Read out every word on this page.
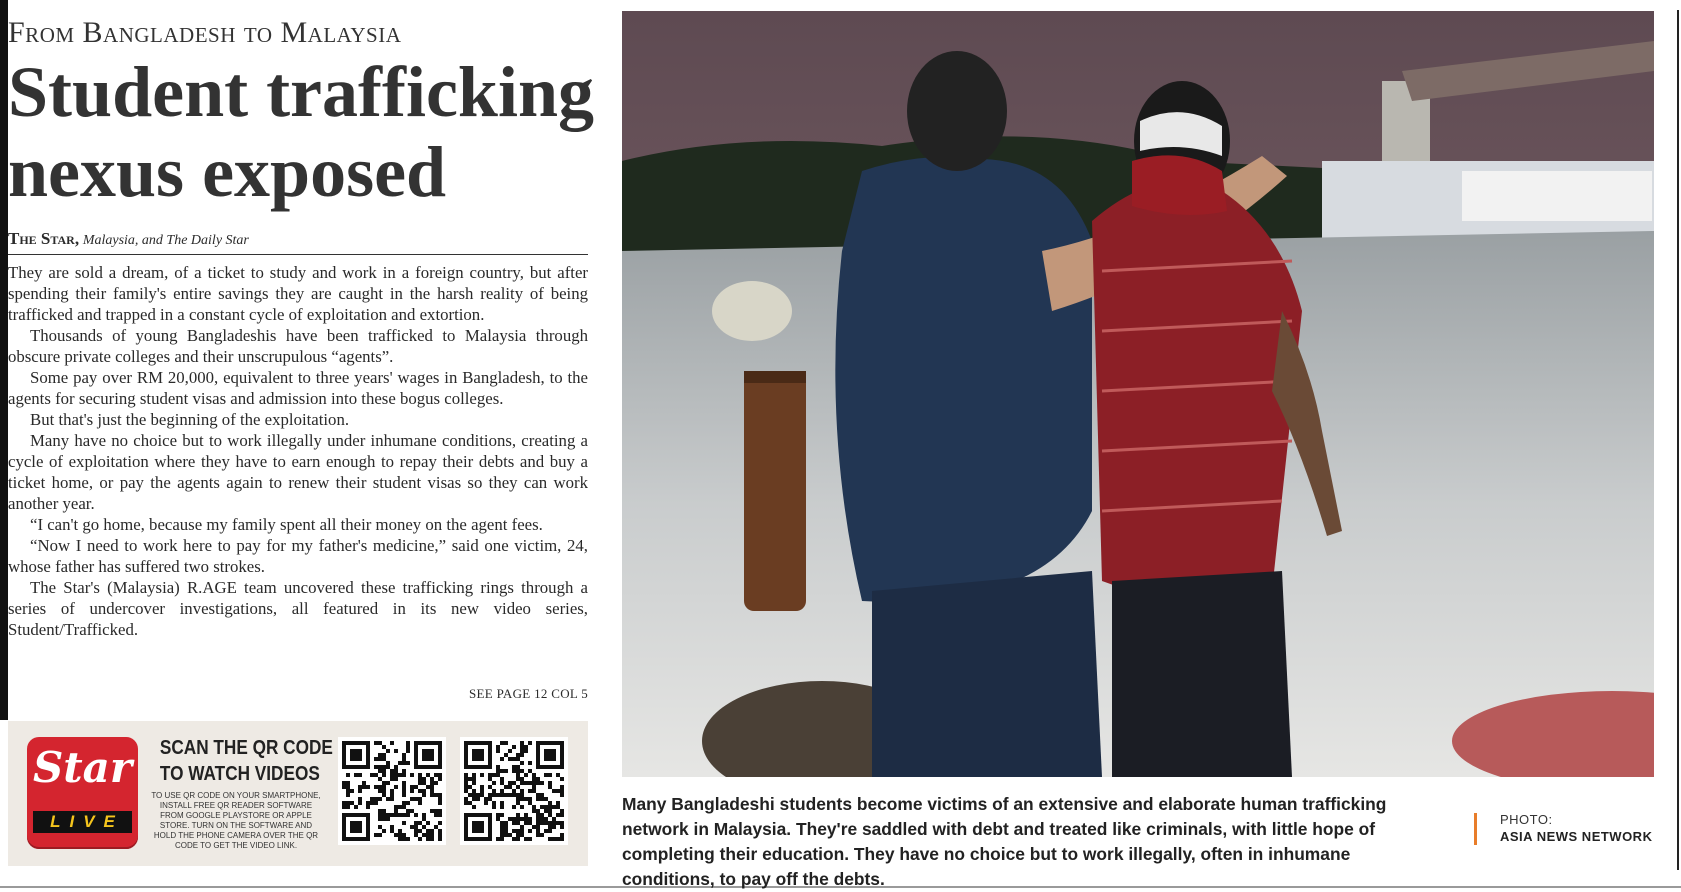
From Bangladesh to Malaysia
Student trafficking
nexus exposed
The Star, Malaysia, and The Daily Star

They are sold a dream, of a ticket to study and work in a foreign country, but after spending their family's entire savings they are caught in the harsh reality of being trafficked and trapped in a constant cycle of exploitation and extortion.

Thousands of young Bangladeshis have been trafficked to Malaysia through obscure private colleges and their unscrupulous “agents”.

Some pay over RM 20,000, equivalent to three years' wages in Bangladesh, to the agents for securing student visas and admission into these bogus colleges.

But that's just the beginning of the exploitation.

Many have no choice but to work illegally under inhumane conditions, creating a cycle of exploitation where they have to earn enough to repay their debts and buy a ticket home, or pay the agents again to renew their student visas so they can work another year.

“I can't go home, because my family spent all their money on the agent fees.

“Now I need to work here to pay for my father's medicine,” said one victim, 24, whose father has suffered two strokes.

The Star's (Malaysia) R.AGE team uncovered these trafficking rings through a series of undercover investigations, all featured in its new video series, Student/Trafficked.

SEE PAGE 12 COL 5
Star
LIVE
SCAN THE QR CODE
TO WATCH VIDEOS
TO USE QR CODE ON YOUR SMARTPHONE, INSTALL FREE QR READER SOFTWARE FROM GOOGLE PLAYSTORE OR APPLE STORE. TURN ON THE SOFTWARE AND HOLD THE PHONE CAMERA OVER THE QR CODE TO GET THE VIDEO LINK.
Many Bangladeshi students become victims of an extensive and elaborate human trafficking network in Malaysia. They're saddled with debt and treated like criminals, with little hope of completing their education. They have no choice but to work illegally, often in inhumane conditions, to pay off the debts.
PHOTO:
ASIA NEWS NETWORK
